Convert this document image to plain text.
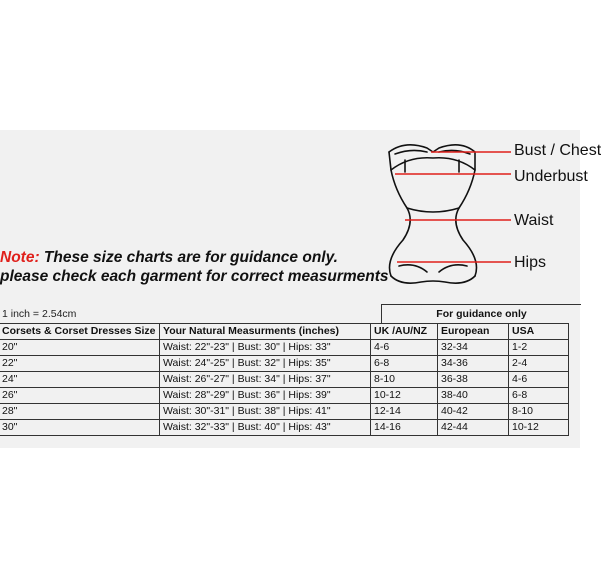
Bust / Chest
Underbust
Waist
Hips
Note: These size charts are for guidance only.
please check each garment for correct measurments
1 inch = 2.54cm	For guidance only
Corsets & Corset Dresses Size	Your Natural Measurments (inches)	UK /AU/NZ	European	USA
20"	Waist: 22"-23" | Bust: 30" | Hips: 33"	4-6	32-34	1-2
22"	Waist: 24"-25" | Bust: 32" | Hips: 35"	6-8	34-36	2-4
24"	Waist: 26"-27" | Bust: 34" | Hips: 37"	8-10	36-38	4-6
26"	Waist: 28"-29" | Bust: 36" | Hips: 39"	10-12	38-40	6-8
28"	Waist: 30"-31" | Bust: 38" | Hips: 41"	12-14	40-42	8-10
30"	Waist: 32"-33" | Bust: 40" | Hips: 43"	14-16	42-44	10-12
